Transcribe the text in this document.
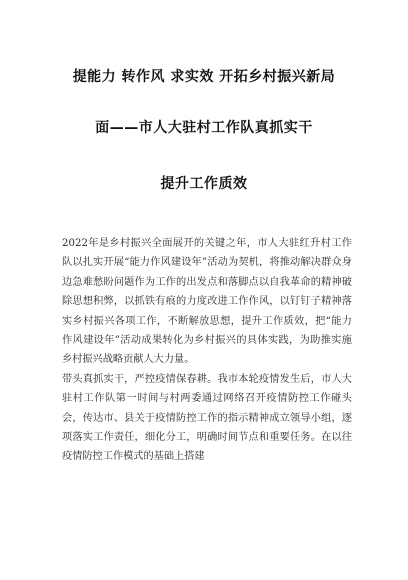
提能力 转作风 求实效 开拓乡村振兴新局
面——市人大驻村工作队真抓实干
提升工作质效

2022年是乡村振兴全面展开的关键之年，市人大驻红升村工作队以扎实开展“能力作风建设年”活动为契机，将推动解决群众身边急难愁盼问题作为工作的出发点和落脚点以自我革命的精神破除思想积弊，以抓铁有痕的力度改进工作作风，以钉钉子精神落实乡村振兴各项工作，不断解放思想，提升工作质效，把“能力作风建设年”活动成果转化为乡村振兴的具体实践，为助推实施乡村振兴战略贡献人大力量。

带头真抓实干，严控疫情保春耕。我市本轮疫情发生后，市人大驻村工作队第一时间与村两委通过网络召开疫情防控工作碰头会，传达市、县关于疫情防控工作的指示精神成立领导小组，逐项落实工作责任，细化分工，明确时间节点和重要任务。在以往疫情防控工作模式的基础上搭建
